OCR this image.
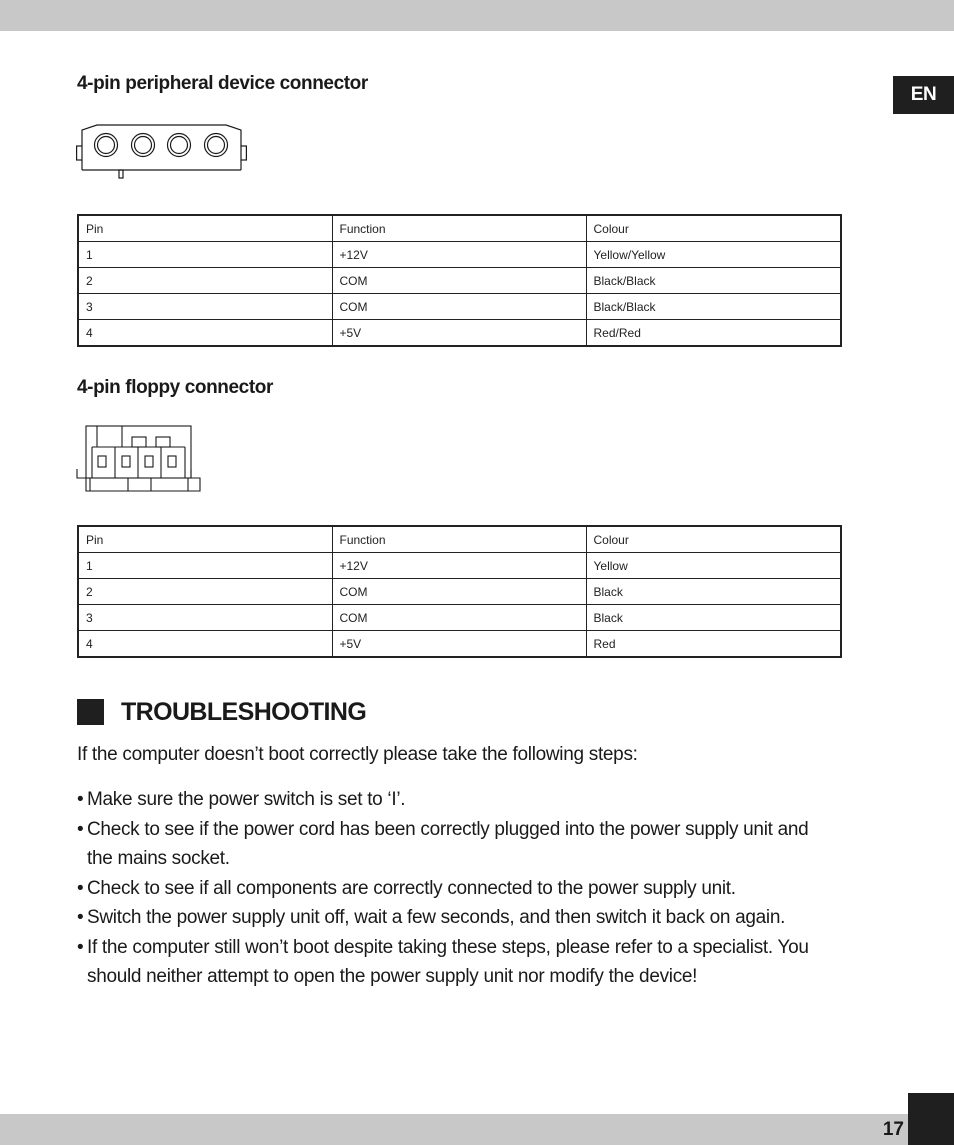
EN
4-pin peripheral device connector
Pin	Function	Colour
1	+12V	Yellow/Yellow
2	COM	Black/Black
3	COM	Black/Black
4	+5V	Red/Red
4-pin floppy connector
Pin	Function	Colour
1	+12V	Yellow
2	COM	Black
3	COM	Black
4	+5V	Red
TROUBLESHOOTING

If the computer doesn’t boot correctly please take the following steps:

• Make sure the power switch is set to ‘I’.
• Check to see if the power cord has been correctly plugged into the power supply unit and the mains socket.
• Check to see if all components are correctly connected to the power supply unit.
• Switch the power supply unit off, wait a few seconds, and then switch it back on again.
• If the computer still won’t boot despite taking these steps, please refer to a specialist. You should neither attempt to open the power supply unit nor modify the device!
17
